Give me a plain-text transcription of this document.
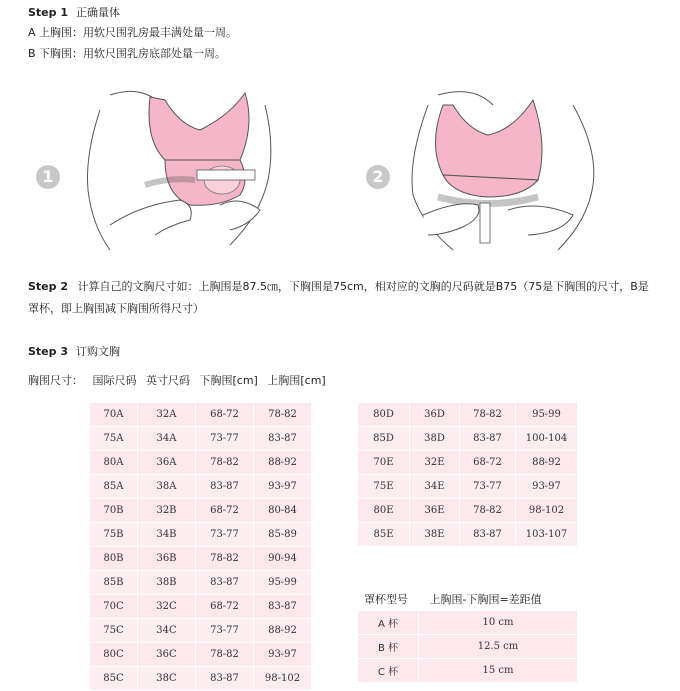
Step 1 正确量体
A 上胸围：用软尺围乳房最丰满处量一周。
B 下胸围：用软尺围乳房底部处量一周。
1	2
Step 2 计算自己的文胸尺寸如：上胸围是87.5㎝，下胸围是75cm，相对应的文胸的尺码就是B75（75是下胸围的尺寸，B是罩杯，即上胸围减下胸围所得尺寸）
Step 3 订购文胸
胸围尺寸： 国际尺码 英寸尺码 下胸围[cm] 上胸围[cm]
70A	32A	68-72	78-82
75A	34A	73-77	83-87
80A	36A	78-82	88-92
85A	38A	83-87	93-97
70B	32B	68-72	80-84
75B	34B	73-77	85-89
80B	36B	78-82	90-94
85B	38B	83-87	95-99
70C	32C	68-72	83-87
75C	34C	73-77	88-92
80C	36C	78-82	93-97
85C	38C	83-87	98-102
80D	36D	78-82	95-99
85D	38D	83-87	100-104
70E	32E	68-72	88-92
75E	34E	73-77	93-97
80E	36E	78-82	98-102
85E	38E	83-87	103-107
罩杯型号 上胸围-下胸围=差距值
A 杯	10 cm
B 杯	12.5 cm
C 杯	15 cm
